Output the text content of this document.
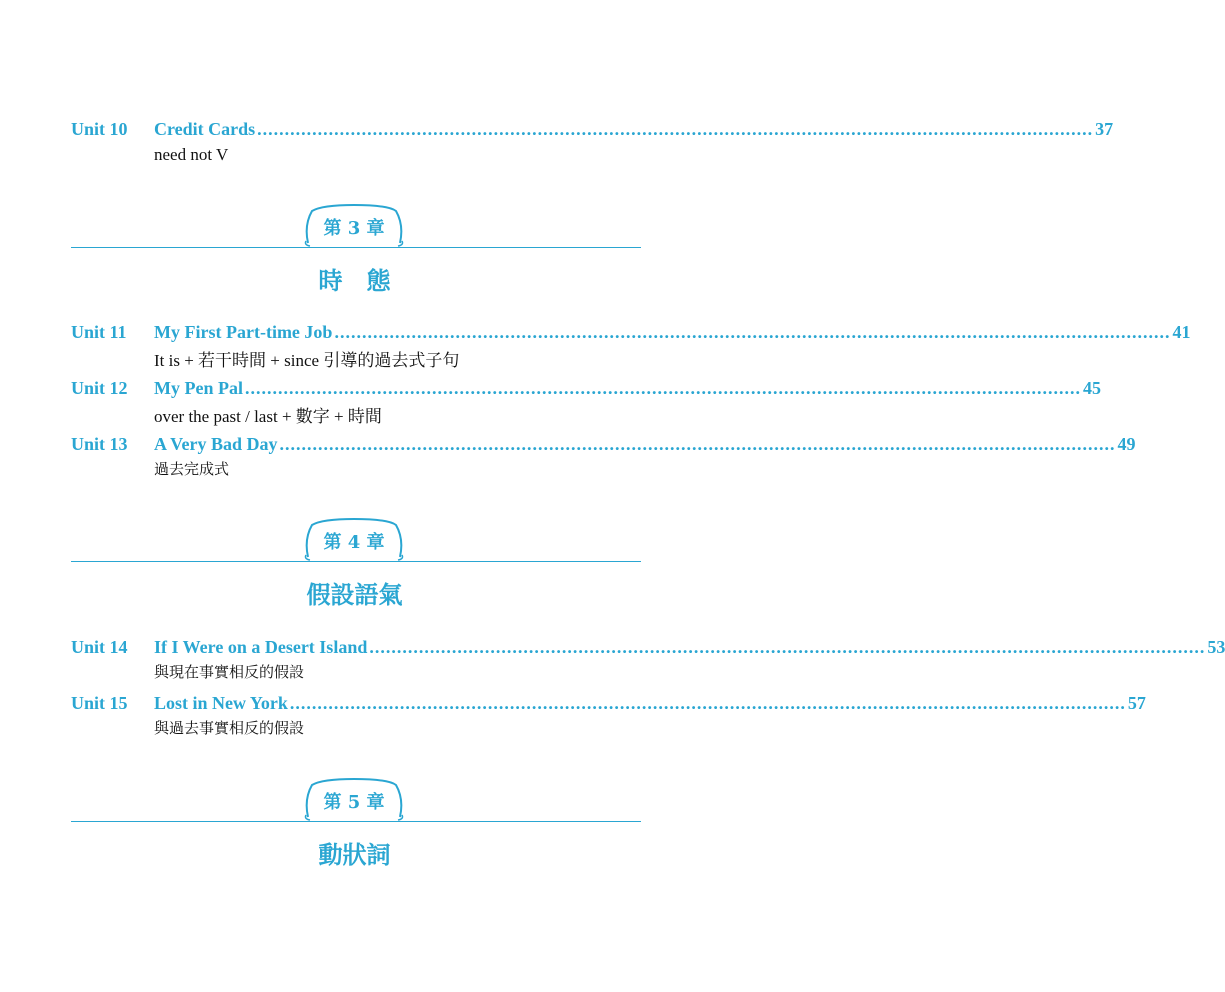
Unit 10 Credit Cards ........................................................................................................................................................ 37
need not V
第 3 章
時　態
Unit 11 My First Part-time Job ........................................................................................................................................................ 41
It is + 若干時間 + since 引導的過去式子句
Unit 12 My Pen Pal ........................................................................................................................................................ 45
over the past / last + 數字 + 時間
Unit 13 A Very Bad Day ........................................................................................................................................................ 49
過去完成式
第 4 章
假設語氣
Unit 14 If I Were on a Desert Island ........................................................................................................................................................ 53
與現在事實相反的假設
Unit 15 Lost in New York ........................................................................................................................................................ 57
與過去事實相反的假設
第 5 章
動狀詞
